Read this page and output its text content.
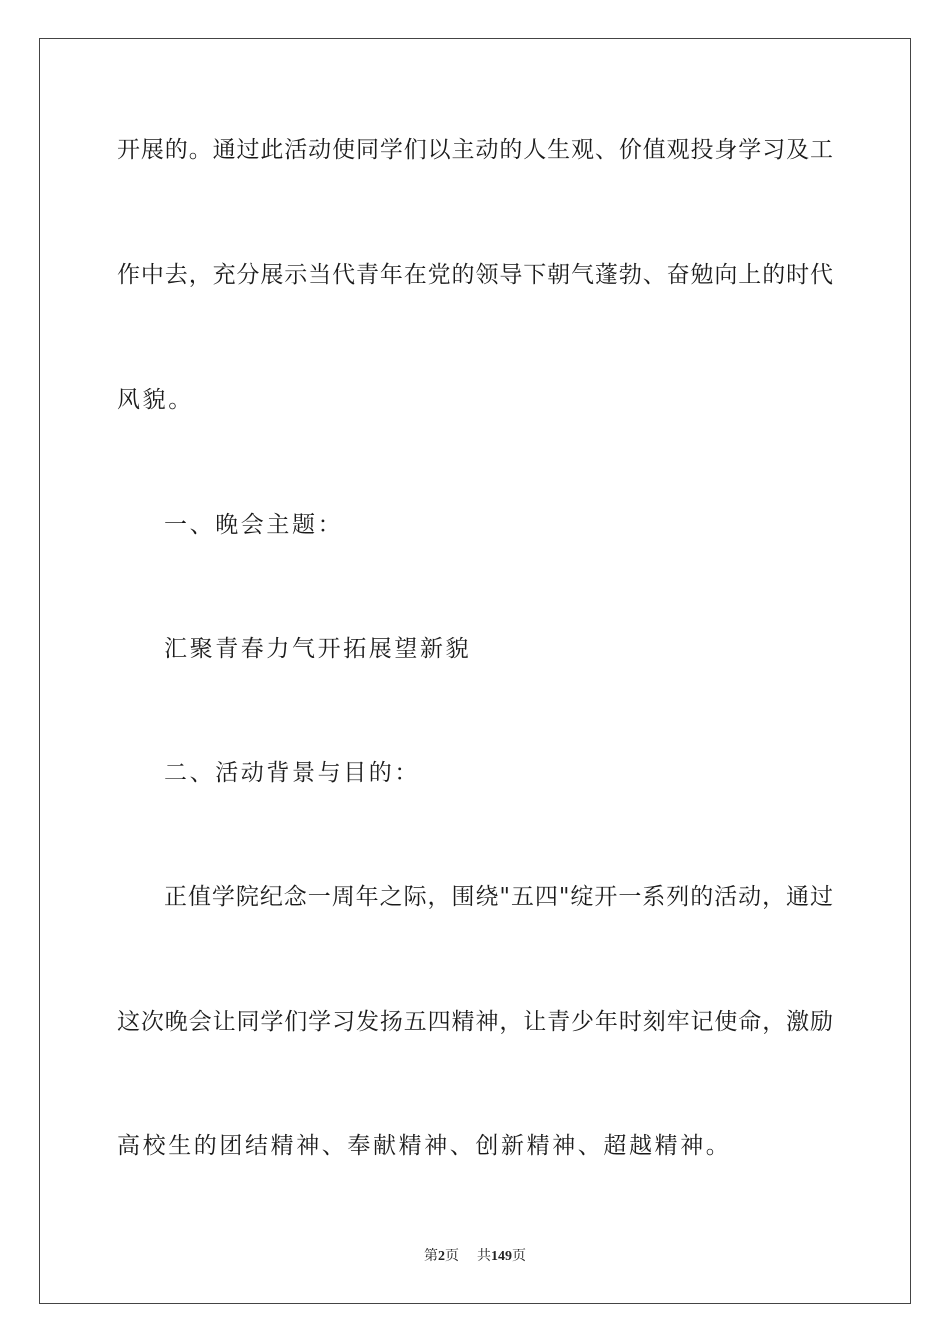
开展的。通过此活动使同学们以主动的人生观、价值观投身学习及工
作中去，充分展示当代青年在党的领导下朝气蓬勃、奋勉向上的时代
风貌。
一、晚会主题：
汇聚青春力气开拓展望新貌
二、活动背景与目的：
正值学院纪念一周年之际，围绕"五四"绽开一系列的活动，通过
这次晚会让同学们学习发扬五四精神，让青少年时刻牢记使命，激励
高校生的团结精神、奉献精神、创新精神、超越精神。
第2页 共149页
